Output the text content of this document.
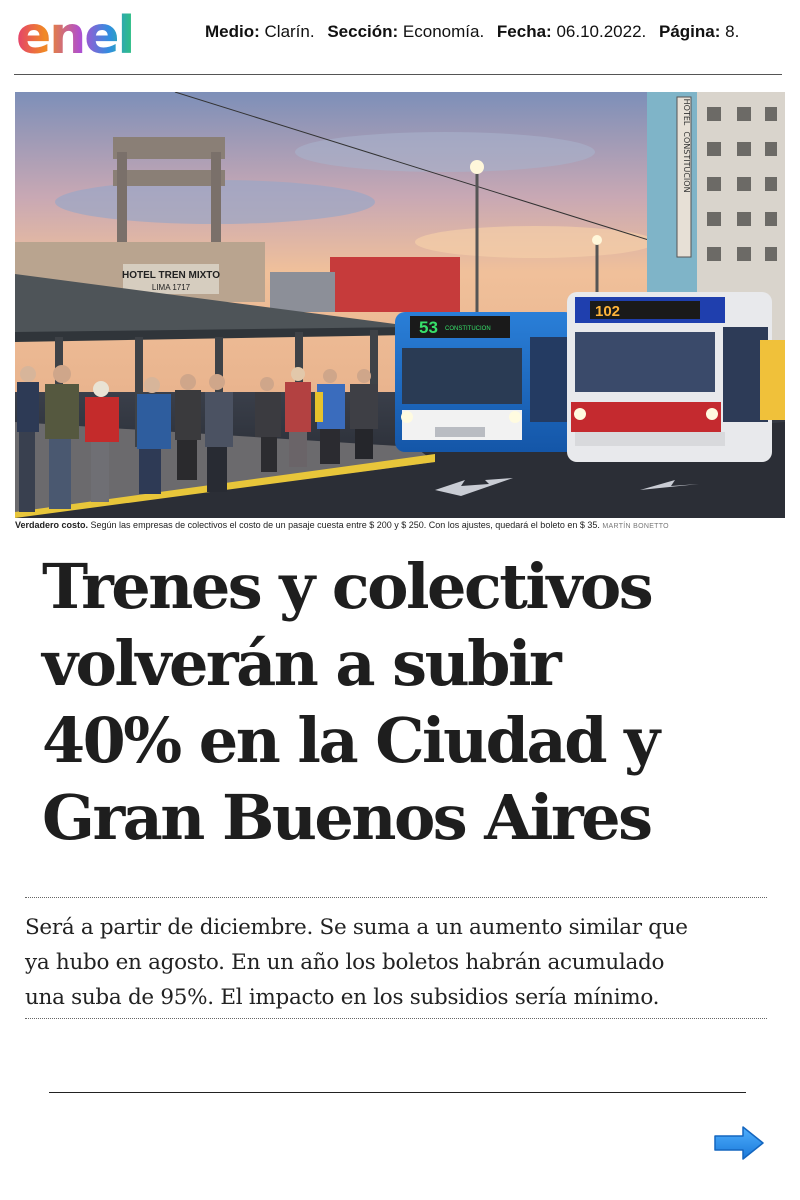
enel	Medio: Clarín. Sección: Economía. Fecha: 06.10.2022. Página: 8.
HOTEL
CONSTITUCION
HOTEL TREN MIXTO
LIMA 1717
53 CONSTITUCION
102
Verdadero costo. Según las empresas de colectivos el costo de un pasaje cuesta entre $ 200 y $ 250. Con los ajustes, quedará el boleto en $ 35. MARTÍN BONETTO
Trenes y colectivos
volverán a subir
40% en la Ciudad y
Gran Buenos Aires

Será a partir de diciembre. Se suma a un aumento similar que
ya hubo en agosto. En un año los boletos habrán acumulado
una suba de 95%. El impacto en los subsidios sería mínimo.
